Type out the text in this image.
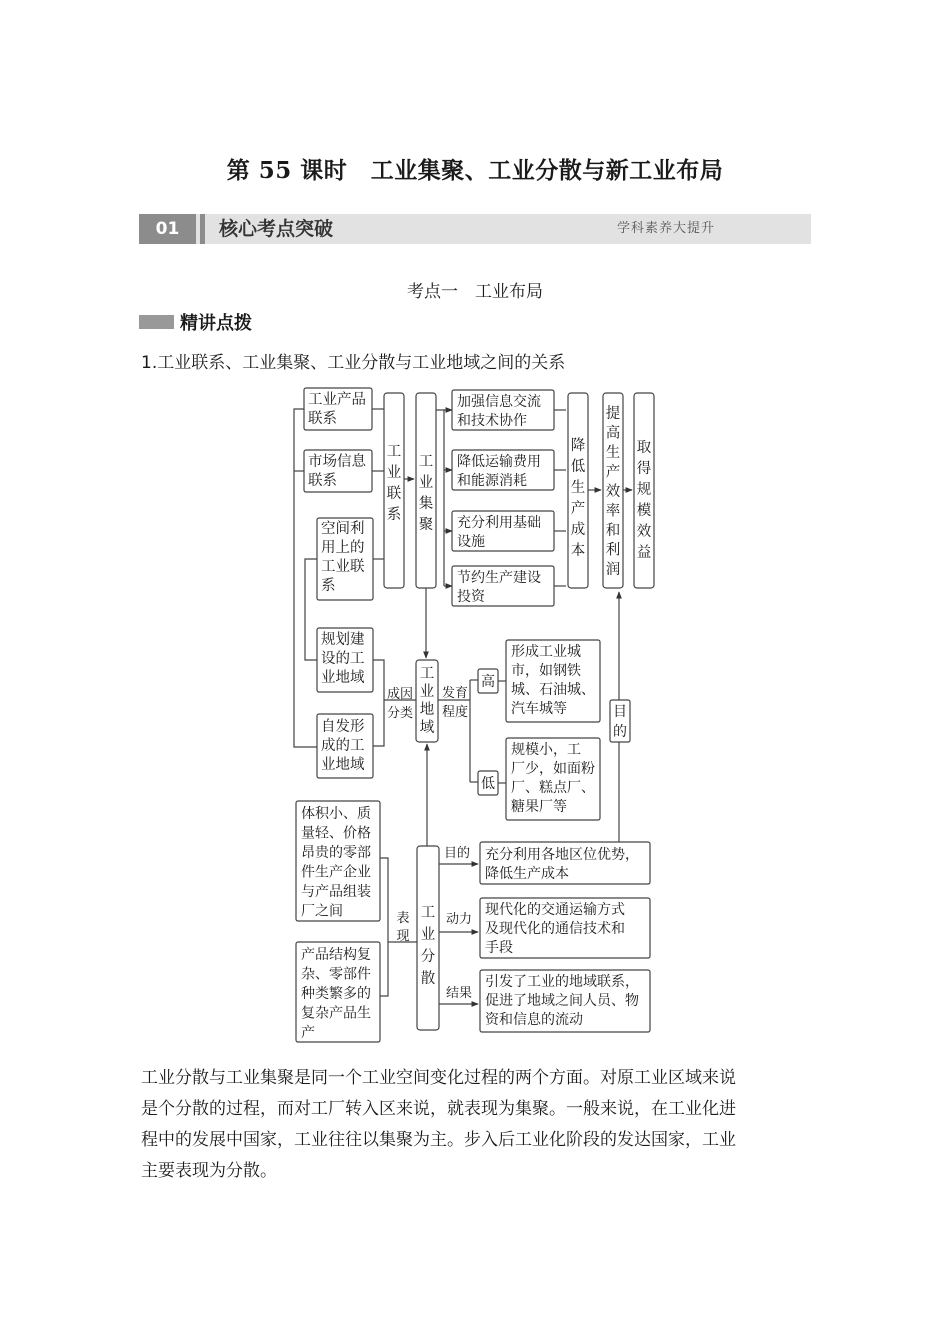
第 55 课时　工业集聚、工业分散与新工业布局
01	核心考点突破	学科素养大提升
考点一　工业布局
精讲点拨
1.工业联系、工业集聚、工业分散与工业地域之间的关系
工业产品
联系
市场信息
联系
空间利
用上的
工业联
系
规划建
设的工
业地域
自发形
成的工
业地域
工
业
联
系
工
业
集
聚
加强信息交流
和技术协作
降低运输费用
和能源消耗
充分利用基础
设施
节约生产建设
投资
降
低
生
产
成
本
提
高
生
产
效
率
和
利
润
取
得
规
模
效
益
工
业
地
域
成因
分类
发育
程度
高
低
形成工业城
市，如钢铁
城、石油城、
汽车城等
规模小，工
厂少，如面粉
厂、糕点厂、
糖果厂等
目
的
工
业
分
散
表
现
体积小、质
量轻、价格
昂贵的零部
件生产企业
与产品组装
厂之间
产品结构复
杂、零部件
种类繁多的
复杂产品生
产
目的
动力
结果
充分利用各地区位优势，
降低生产成本
现代化的交通运输方式
及现代化的通信技术和
手段
引发了工业的地域联系，
促进了地域之间人员、物
资和信息的流动
工业分散与工业集聚是同一个工业空间变化过程的两个方面。对原工业区域来说
是个分散的过程，而对工厂转入区来说，就表现为集聚。一般来说，在工业化进
程中的发展中国家，工业往往以集聚为主。步入后工业化阶段的发达国家，工业
主要表现为分散。
